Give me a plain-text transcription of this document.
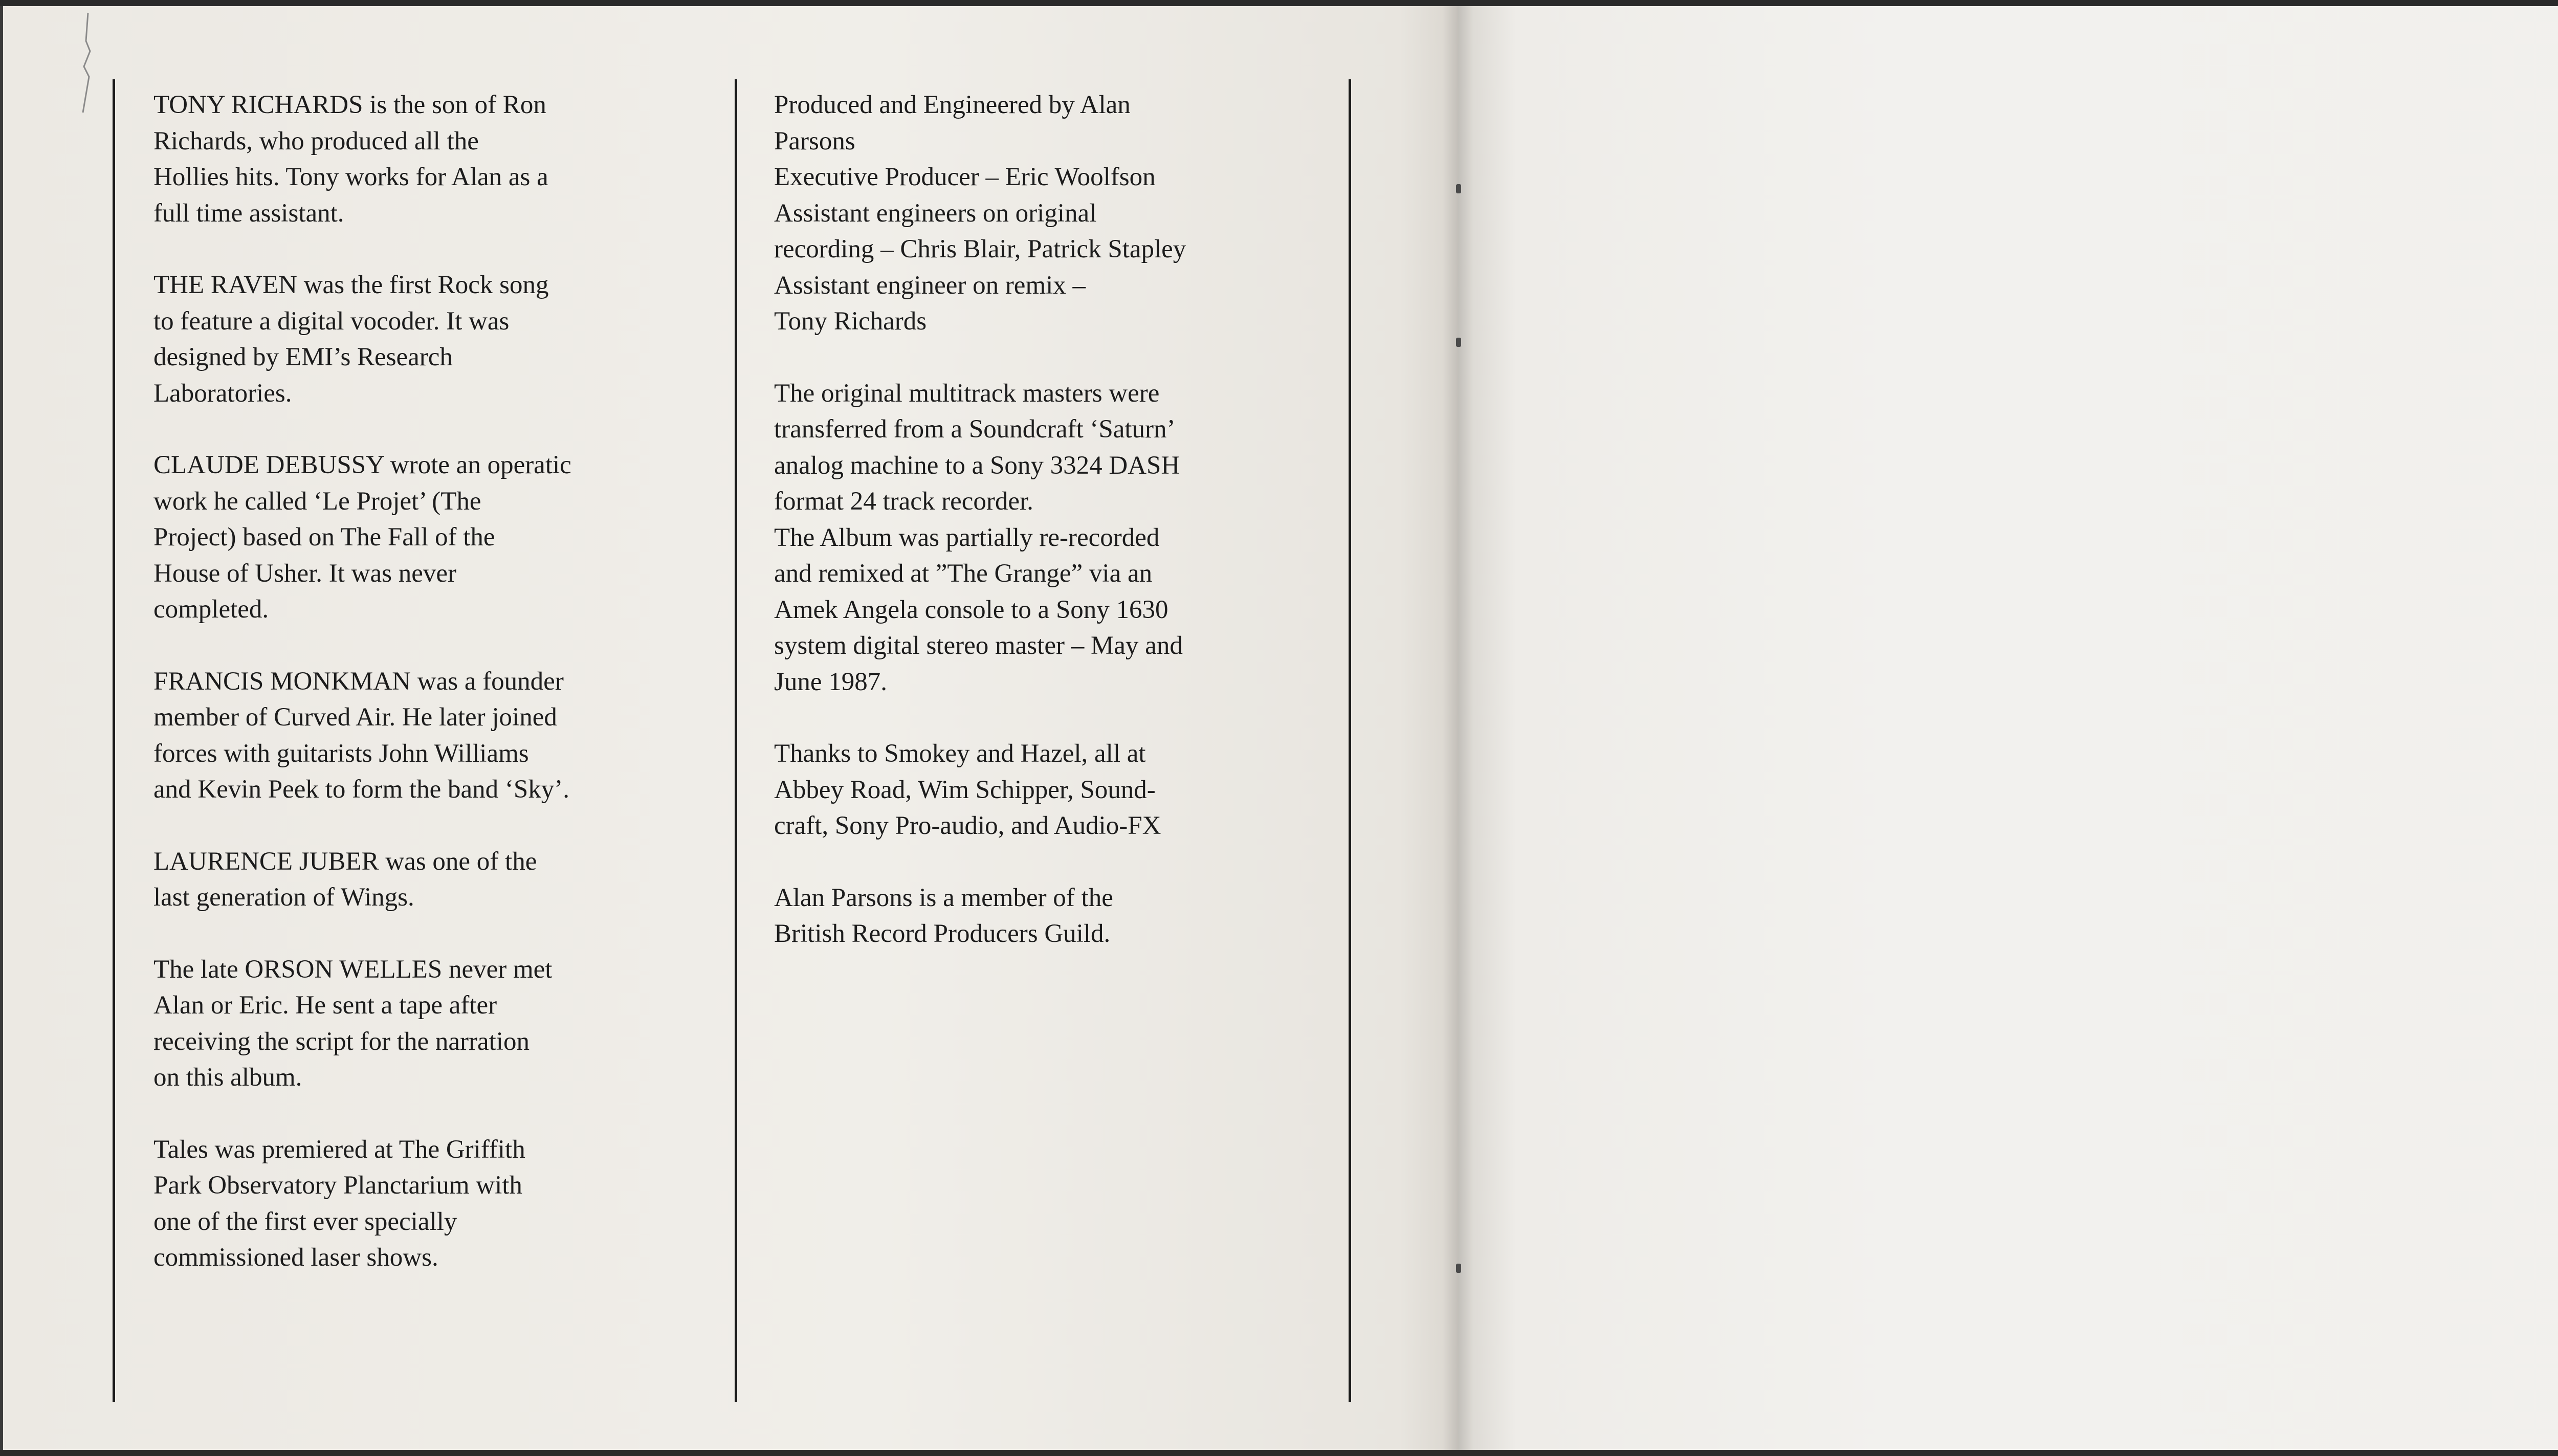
TONY RICHARDS is the son of Ron
Richards, who produced all the
Hollies hits. Tony works for Alan as a
full time assistant.

THE RAVEN was the first Rock song
to feature a digital vocoder. It was
designed by EMI’s Research
Laboratories.

CLAUDE DEBUSSY wrote an operatic
work he called ‘Le Projet’ (The
Project) based on The Fall of the
House of Usher. It was never
completed.

FRANCIS MONKMAN was a founder
member of Curved Air. He later joined
forces with guitarists John Williams
and Kevin Peek to form the band ‘Sky’.

LAURENCE JUBER was one of the
last generation of Wings.

The late ORSON WELLES never met
Alan or Eric. He sent a tape after
receiving the script for the narration
on this album.

Tales was premiered at The Griffith
Park Observatory Planctarium with
one of the first ever specially
commissioned laser shows.

Produced and Engineered by Alan
Parsons
Executive Producer – Eric Woolfson
Assistant engineers on original
recording – Chris Blair, Patrick Stapley
Assistant engineer on remix –
Tony Richards

The original multitrack masters were
transferred from a Soundcraft ‘Saturn’
analog machine to a Sony 3324 DASH
format 24 track recorder.
The Album was partially re-recorded
and remixed at ”The Grange” via an
Amek Angela console to a Sony 1630
system digital stereo master – May and
June 1987.

Thanks to Smokey and Hazel, all at
Abbey Road, Wim Schipper, Sound-
craft, Sony Pro-audio, and Audio-FX

Alan Parsons is a member of the
British Record Producers Guild.
